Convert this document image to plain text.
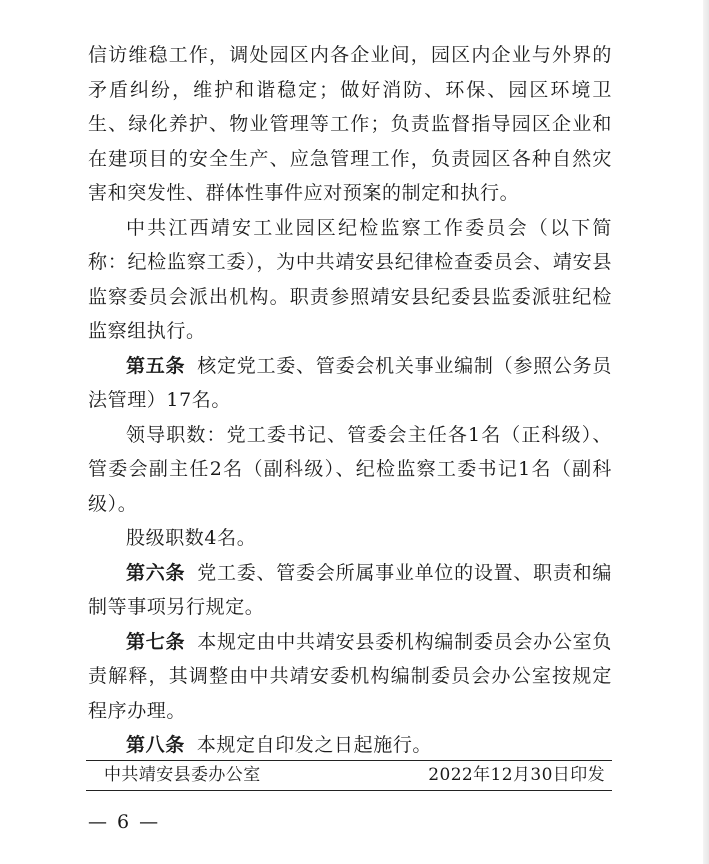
信访维稳工作，调处园区内各企业间，园区内企业与外界的矛盾纠纷，维护和谐稳定；做好消防、环保、园区环境卫生、绿化养护、物业管理等工作；负责监督指导园区企业和在建项目的安全生产、应急管理工作，负责园区各种自然灾害和突发性、群体性事件应对预案的制定和执行。

中共江西靖安工业园区纪检监察工作委员会（以下简称：纪检监察工委），为中共靖安县纪律检查委员会、靖安县监察委员会派出机构。职责参照靖安县纪委县监委派驻纪检监察组执行。

第五条 核定党工委、管委会机关事业编制（参照公务员法管理）17名。

领导职数：党工委书记、管委会主任各1名（正科级）、管委会副主任2名（副科级）、纪检监察工委书记1名（副科级）。

股级职数4名。

第六条 党工委、管委会所属事业单位的设置、职责和编制等事项另行规定。

第七条 本规定由中共靖安县委机构编制委员会办公室负责解释，其调整由中共靖安委机构编制委员会办公室按规定程序办理。

第八条 本规定自印发之日起施行。

中共靖安县委办公室	2022年12月30日印发
— 6 —
